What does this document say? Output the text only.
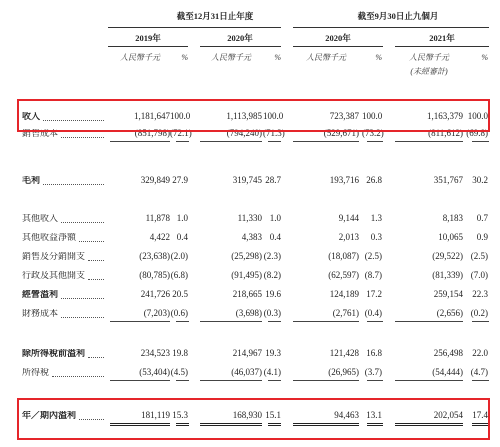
截至12月31日止年度	截至9月30日止九個月
2019年	2020年	2020年	2021年
人民幣千元	%	人民幣千元	%	人民幣千元	%	人民幣千元	%
(未經審計)
收入	1,181,647 100.0	1,113,985 100.0	723,387 100.0	1,163,379 100.0
銷售成本	(851,798) (72.1)	(794,240) (71.3)	(529,671) (73.2)	(811,612) (69.8)
毛利	329,849 27.9	319,745 28.7	193,716 26.8	351,767	30.2
其他收入	11,878 1.0	11,330 1.0	9,144	1.3	8,183	0.7
其他收益淨額	4,422 0.4	4,383 0.4	2,013	0.3	10,065	0.9
銷售及分銷開支	(23,638) (2.0)	(25,298) (2.3)	(18,087) (2.5)	(29,522) (2.5)
行政及其他開支	(80,785) (6.8)	(91,495) (8.2)	(62,597) (8.7)	(81,339) (7.0)
經營溢利	241,726 20.5	218,665 19.6	124,189 17.2	259,154	22.3
財務成本	(7,203) (0.6)	(3,698) (0.3)	(2,761) (0.4)	(2,656) (0.2)
除所得稅前溢利	234,523 19.8	214,967 19.3	121,428 16.8	256,498	22.0
所得稅	(53,404) (4.5)	(46,037) (4.1)	(26,965) (3.7)	(54,444) (4.7)
年／期內溢利	181,119 15.3	168,930 15.1	94,463 13.1	202,054	17.4
